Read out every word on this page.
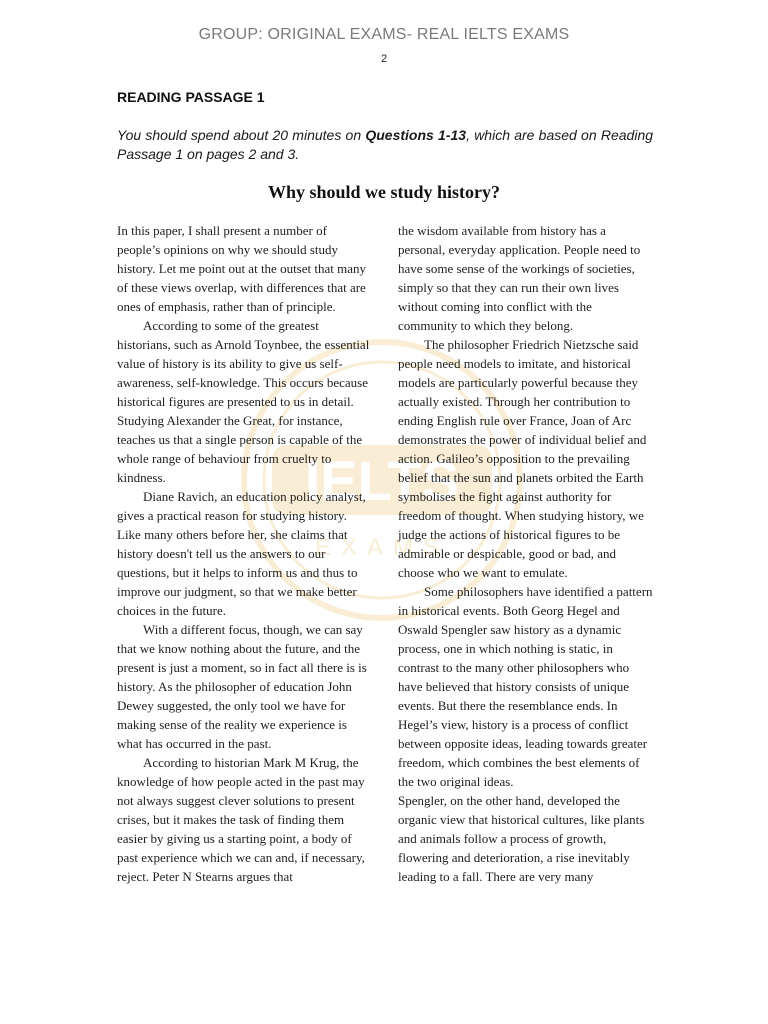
GROUP: ORIGINAL EXAMS- REAL IELTS EXAMS
2
IELTS
EXAMS
READING PASSAGE 1
You should spend about 20 minutes on Questions 1-13, which are based on Reading Passage 1 on pages 2 and 3.
Why should we study history?

In this paper, I shall present a number of people’s opinions on why we should study history. Let me point out at the outset that many of these views overlap, with differences that are ones of emphasis, rather than of principle.

According to some of the greatest historians, such as Arnold Toynbee, the essential value of history is its ability to give us self-awareness, self-knowledge. This occurs because historical figures are presented to us in detail. Studying Alexander the Great, for instance, teaches us that a single person is capable of the whole range of behaviour from cruelty to kindness.

Diane Ravich, an education policy analyst, gives a practical reason for studying history. Like many others before her, she claims that history doesn't tell us the answers to our questions, but it helps to inform us and thus to improve our judgment, so that we make better choices in the future.

With a different focus, though, we can say that we know nothing about the future, and the present is just a moment, so in fact all there is is history. As the philosopher of education John Dewey suggested, the only tool we have for making sense of the reality we experience is what has occurred in the past.

According to historian Mark M Krug, the knowledge of how people acted in the past may not always suggest clever solutions to present crises, but it makes the task of finding them easier by giving us a starting point, a body of past experience which we can and, if necessary, reject. Peter N Stearns argues that

the wisdom available from history has a personal, everyday application. People need to have some sense of the workings of societies, simply so that they can run their own lives without coming into conflict with the community to which they belong.

The philosopher Friedrich Nietzsche said people need models to imitate, and historical models are particularly powerful because they actually existed. Through her contribution to ending English rule over France, Joan of Arc demonstrates the power of individual belief and action. Galileo’s opposition to the prevailing belief that the sun and planets orbited the Earth symbolises the fight against authority for freedom of thought. When studying history, we judge the actions of historical figures to be admirable or despicable, good or bad, and choose who we want to emulate.

Some philosophers have identified a pattern in historical events. Both Georg Hegel and Oswald Spengler saw history as a dynamic process, one in which nothing is static, in contrast to the many other philosophers who have believed that history consists of unique events. But there the resemblance ends. In Hegel’s view, history is a process of conflict between opposite ideas, leading towards greater freedom, which combines the best elements of the two original ideas.

Spengler, on the other hand, developed the organic view that historical cultures, like plants and animals follow a process of growth, flowering and deterioration, a rise inevitably leading to a fall. There are very many
